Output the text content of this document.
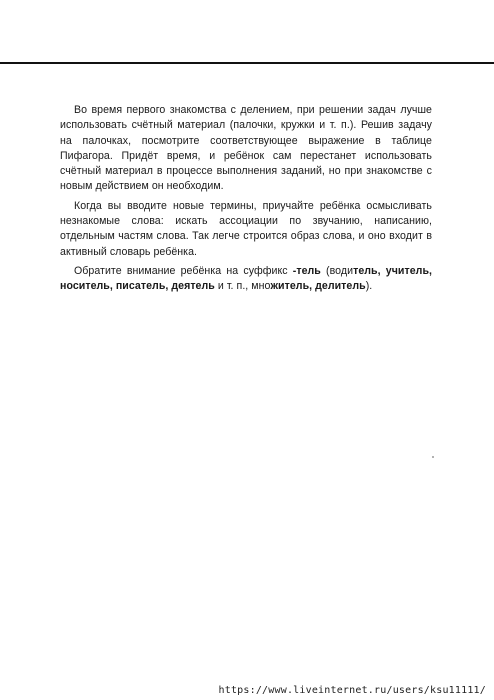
Во время первого знакомства с делением, при решении задач лучше использовать счётный материал (палочки, кружки и т. п.). Решив задачу на палочках, посмотрите соответствующее выражение в таблице Пифагора. Придёт время, и ребёнок сам перестанет использовать счётный материал в процессе выполнения заданий, но при знакомстве с новым действием он необходим.

Когда вы вводите новые термины, приучайте ребёнка осмысливать незнакомые слова: искать ассоциации по звучанию, написанию, отдельным частям слова. Так легче строится образ слова, и оно входит в активный словарь ребёнка.

Обратите внимание ребёнка на суффикс -тель (водитель, учитель, носитель, писатель, деятель и т. п., множитель, делитель).

https://www.liveinternet.ru/users/ksu11111/
